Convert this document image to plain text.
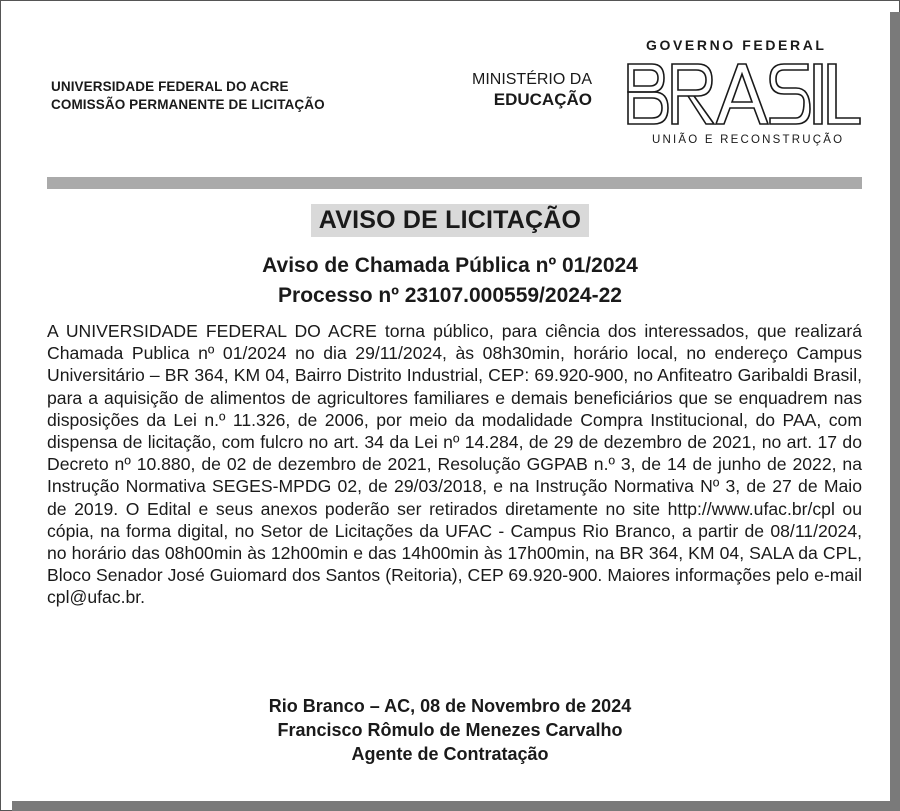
UNIVERSIDADE FEDERAL DO ACRE
COMISSÃO PERMANENTE DE LICITAÇÃO
MINISTÉRIO DA
EDUCAÇÃO
GOVERNO FEDERAL
UNIÃO E RECONSTRUÇÃO
AVISO DE LICITAÇÃO
Aviso de Chamada Pública nº 01/2024
Processo nº 23107.000559/2024-22
A UNIVERSIDADE FEDERAL DO ACRE torna público, para ciência dos interessados, que realizará Chamada Publica nº 01/2024 no dia 29/11/2024, às 08h30min, horário local, no endereço Campus Universitário – BR 364, KM 04, Bairro Distrito Industrial, CEP: 69.920-900, no Anfiteatro Garibaldi Brasil, para a aquisição de alimentos de agricultores familiares e demais beneficiários que se enquadrem nas disposições da Lei n.º 11.326, de 2006, por meio da modalidade Compra Institucional, do PAA, com dispensa de licitação, com fulcro no art. 34 da Lei nº 14.284, de 29 de dezembro de 2021, no art. 17 do Decreto nº 10.880, de 02 de dezembro de 2021, Resolução GGPAB n.º 3, de 14 de junho de 2022, na Instrução Normativa SEGES-MPDG 02, de 29/03/2018, e na Instrução Normativa Nº 3, de 27 de Maio de 2019. O Edital e seus anexos poderão ser retirados diretamente no site http://www.ufac.br/cpl ou cópia, na forma digital, no Setor de Licitações da UFAC - Campus Rio Branco, a partir de 08/11/2024, no horário das 08h00min às 12h00min e das 14h00min às 17h00min, na BR 364, KM 04, SALA da CPL, Bloco Senador José Guiomard dos Santos (Reitoria), CEP 69.920-900. Maiores informações pelo e-mail cpl@ufac.br.
Rio Branco – AC, 08 de Novembro de 2024
Francisco Rômulo de Menezes Carvalho
Agente de Contratação
